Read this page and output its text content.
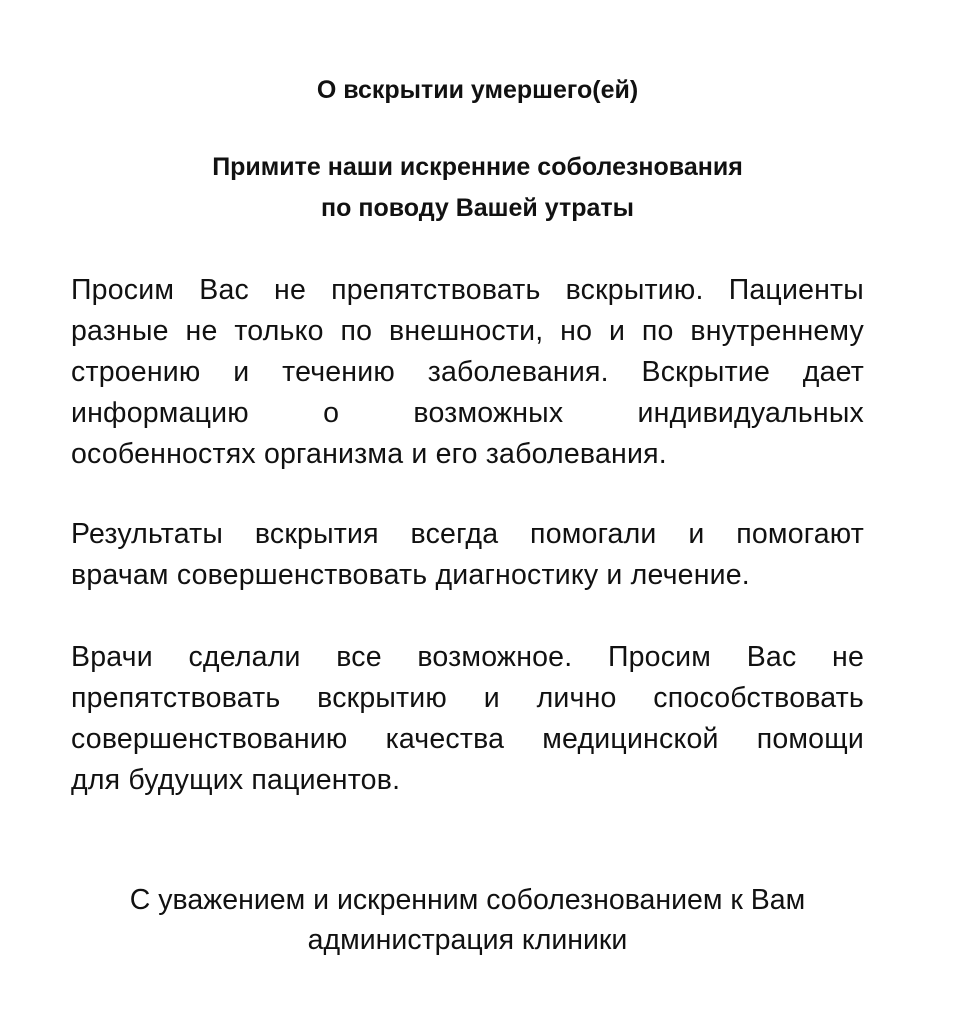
О вскрытии умершего(ей)
Примите наши искренние соболезнования
по поводу Вашей утраты
Просим Вас не препятствовать вскрытию. Пациенты
разные не только по внешности, но и по внутреннему
строению и течению заболевания. Вскрытие дает
информацию о возможных индивидуальных
особенностях организма и его заболевания.
Результаты вскрытия всегда помогали и помогают
врачам совершенствовать диагностику и лечение.
Врачи сделали все возможное. Просим Вас не
препятствовать вскрытию и лично способствовать
совершенствованию качества медицинской помощи
для будущих пациентов.
С уважением и искренним соболезнованием к Вам
администрация клиники
